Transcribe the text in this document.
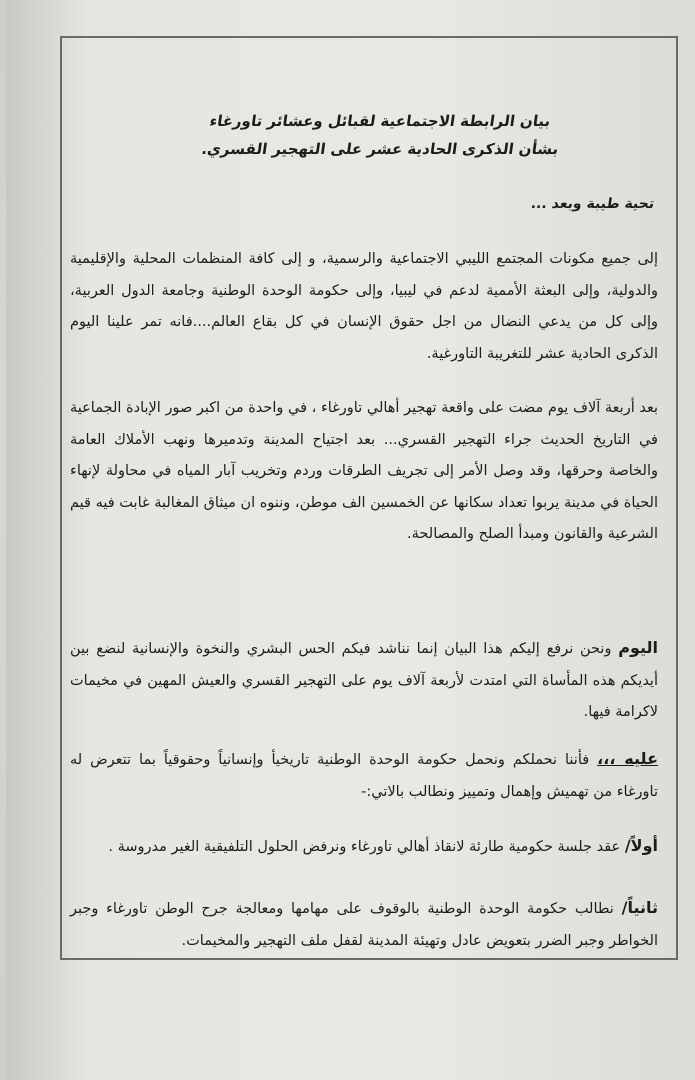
بيان الرابطة الاجتماعية لقبائل وعشائر تاورغاء
بشأن الذكرى الحادية عشر على التهجير القسري.
تحية طيبة وبعد ...
إلى جميع مكونات المجتمع الليبي الاجتماعية والرسمية، و إلى كافة المنظمات المحلية والإقليمية والدولية، وإلى البعثة الأممية لدعم في ليبيا، وإلى حكومة الوحدة الوطنية وجامعة الدول العربية، وإلى كل من يدعي النضال من اجل حقوق الإنسان في كل بقاع العالم....فانه تمر علينا اليوم الذكرى الحادية عشر للتغريبة التاورغية.
بعد أربعة آلاف يوم مضت على واقعة تهجير أهالي تاورغاء ، في واحدة من اكبر صور الإبادة الجماعية في التاريخ الحديث جراء التهجير القسري... بعد اجتياح المدينة وتدميرها ونهب الأملاك العامة والخاصة وحرقها، وقد وصل الأمر إلى تجريف الطرقات وردم وتخريب آبار المياه في محاولة لإنهاء الحياة في مدينة يربوا تعداد سكانها عن الخمسين الف موطن، وننوه ان ميثاق المغالبة غابت فيه قيم الشرعية والقانون ومبدأ الصلح والمصالحة.
اليوم ونحن نرفع إليكم هذا البيان إنما نناشد فيكم الحس البشري والنخوة والإنسانية لنضع بين أيديكم هذه المأساة التي امتدت لأربعة آلاف يوم على التهجير القسري والعيش المهين في مخيمات لاكرامة فيها.
عليه ،،، فأننا نحملكم ونحمل حكومة الوحدة الوطنية تاريخيأ وإنسانياً وحقوقياً بما تتعرض له تاورغاء من تهميش وإهمال وتمييز ونطالب بالاتي:-
أولاً/ عقد جلسة حكومية طارئة لانقاذ أهالي تاورغاء ونرفض الحلول التلفيقية الغير مدروسة .
ثانياً/ نطالب حكومة الوحدة الوطنية بالوقوف على مهامها ومعالجة جرح الوطن تاورغاء وجبر الخواطر وجبر الضرر بتعويض عادل وتهيئة المدينة لقفل ملف التهجير والمخيمات.
